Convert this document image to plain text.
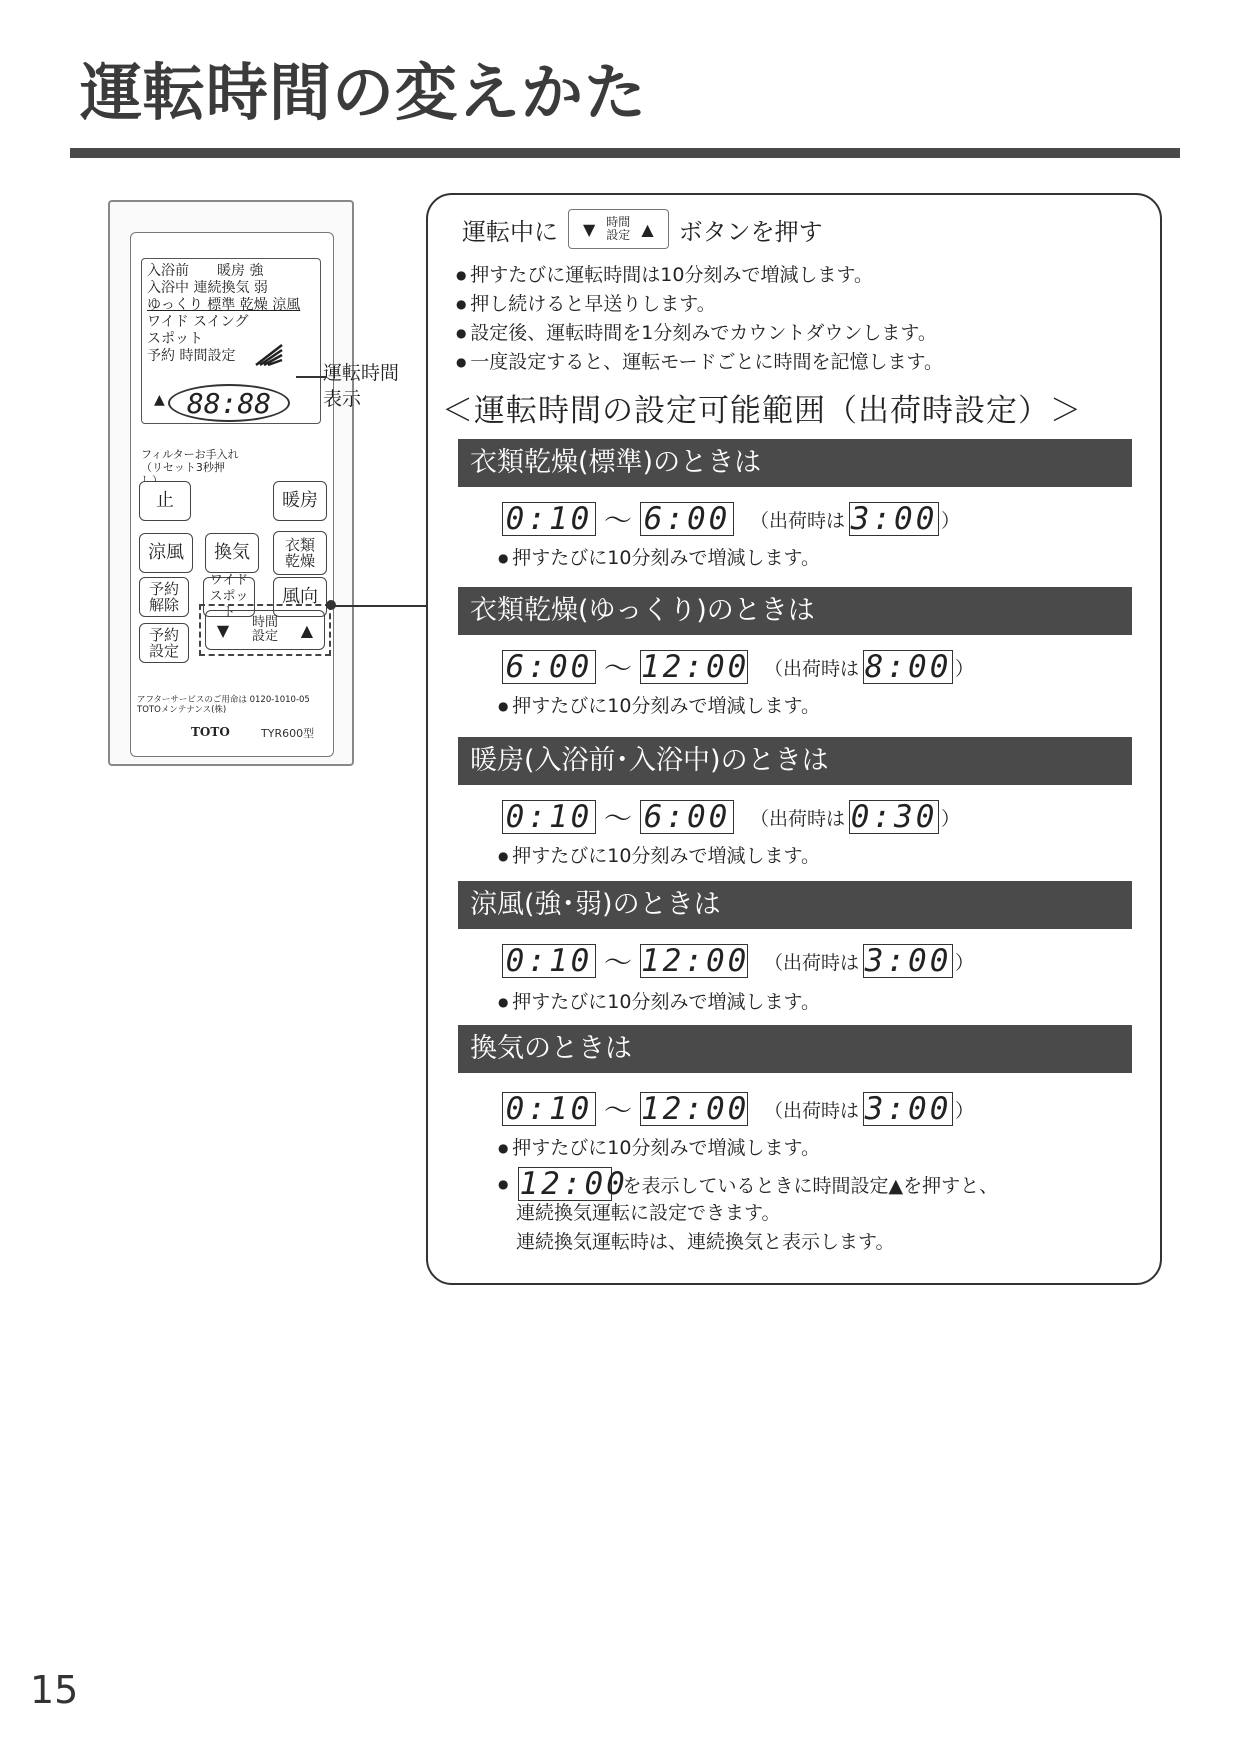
運転時間の変えかた
入浴前　　暖房 強
入浴中 連続換気 弱
ゆっくり 標準 乾燥 涼風
ワイド スイング
スポット
予約 時間設定
▲ 88:88
フィルターお手入れ（リセット3秒押
止	暖房
涼風	換気	衣類乾燥
予約解除
ワイドスポット
風向
予約設定
▼ 時間設定 ▲
アフターサービスのご用命は 0120-1010-05 TOTOメンテナンス(株)
TOTO	TYR600型
運転時間表示
運転中に ▼ 時間設定 ▲ ボタンを押す
● 押すたびに運転時間は10分刻みで増減します。
● 押し続けると早送りします。
● 設定後、運転時間を1分刻みでカウントダウンします。
● 一度設定すると、運転モードごとに時間を記憶します。
＜運転時間の設定可能範囲（出荷時設定）＞
衣類乾燥(標準)のときは
0:10 〜 6:00 （出荷時は 3:00 ）
● 押すたびに10分刻みで増減します。
衣類乾燥(ゆっくり)のときは
6:00 〜 12:00 （出荷時は 8:00 ）
● 押すたびに10分刻みで増減します。
暖房(入浴前･入浴中)のときは
0:10 〜 6:00 （出荷時は 0:30 ）
● 押すたびに10分刻みで増減します。
涼風(強･弱)のときは
0:10 〜 12:00 （出荷時は 3:00 ）
● 押すたびに10分刻みで増減します。
換気のときは
0:10 〜 12:00 （出荷時は 3:00 ）
● 押すたびに10分刻みで増減します。
● 12:00
を表示しているときに時間設定▲を押すと、
連続換気運転に設定できます。
連続換気運転時は、連続換気と表示します。
15
